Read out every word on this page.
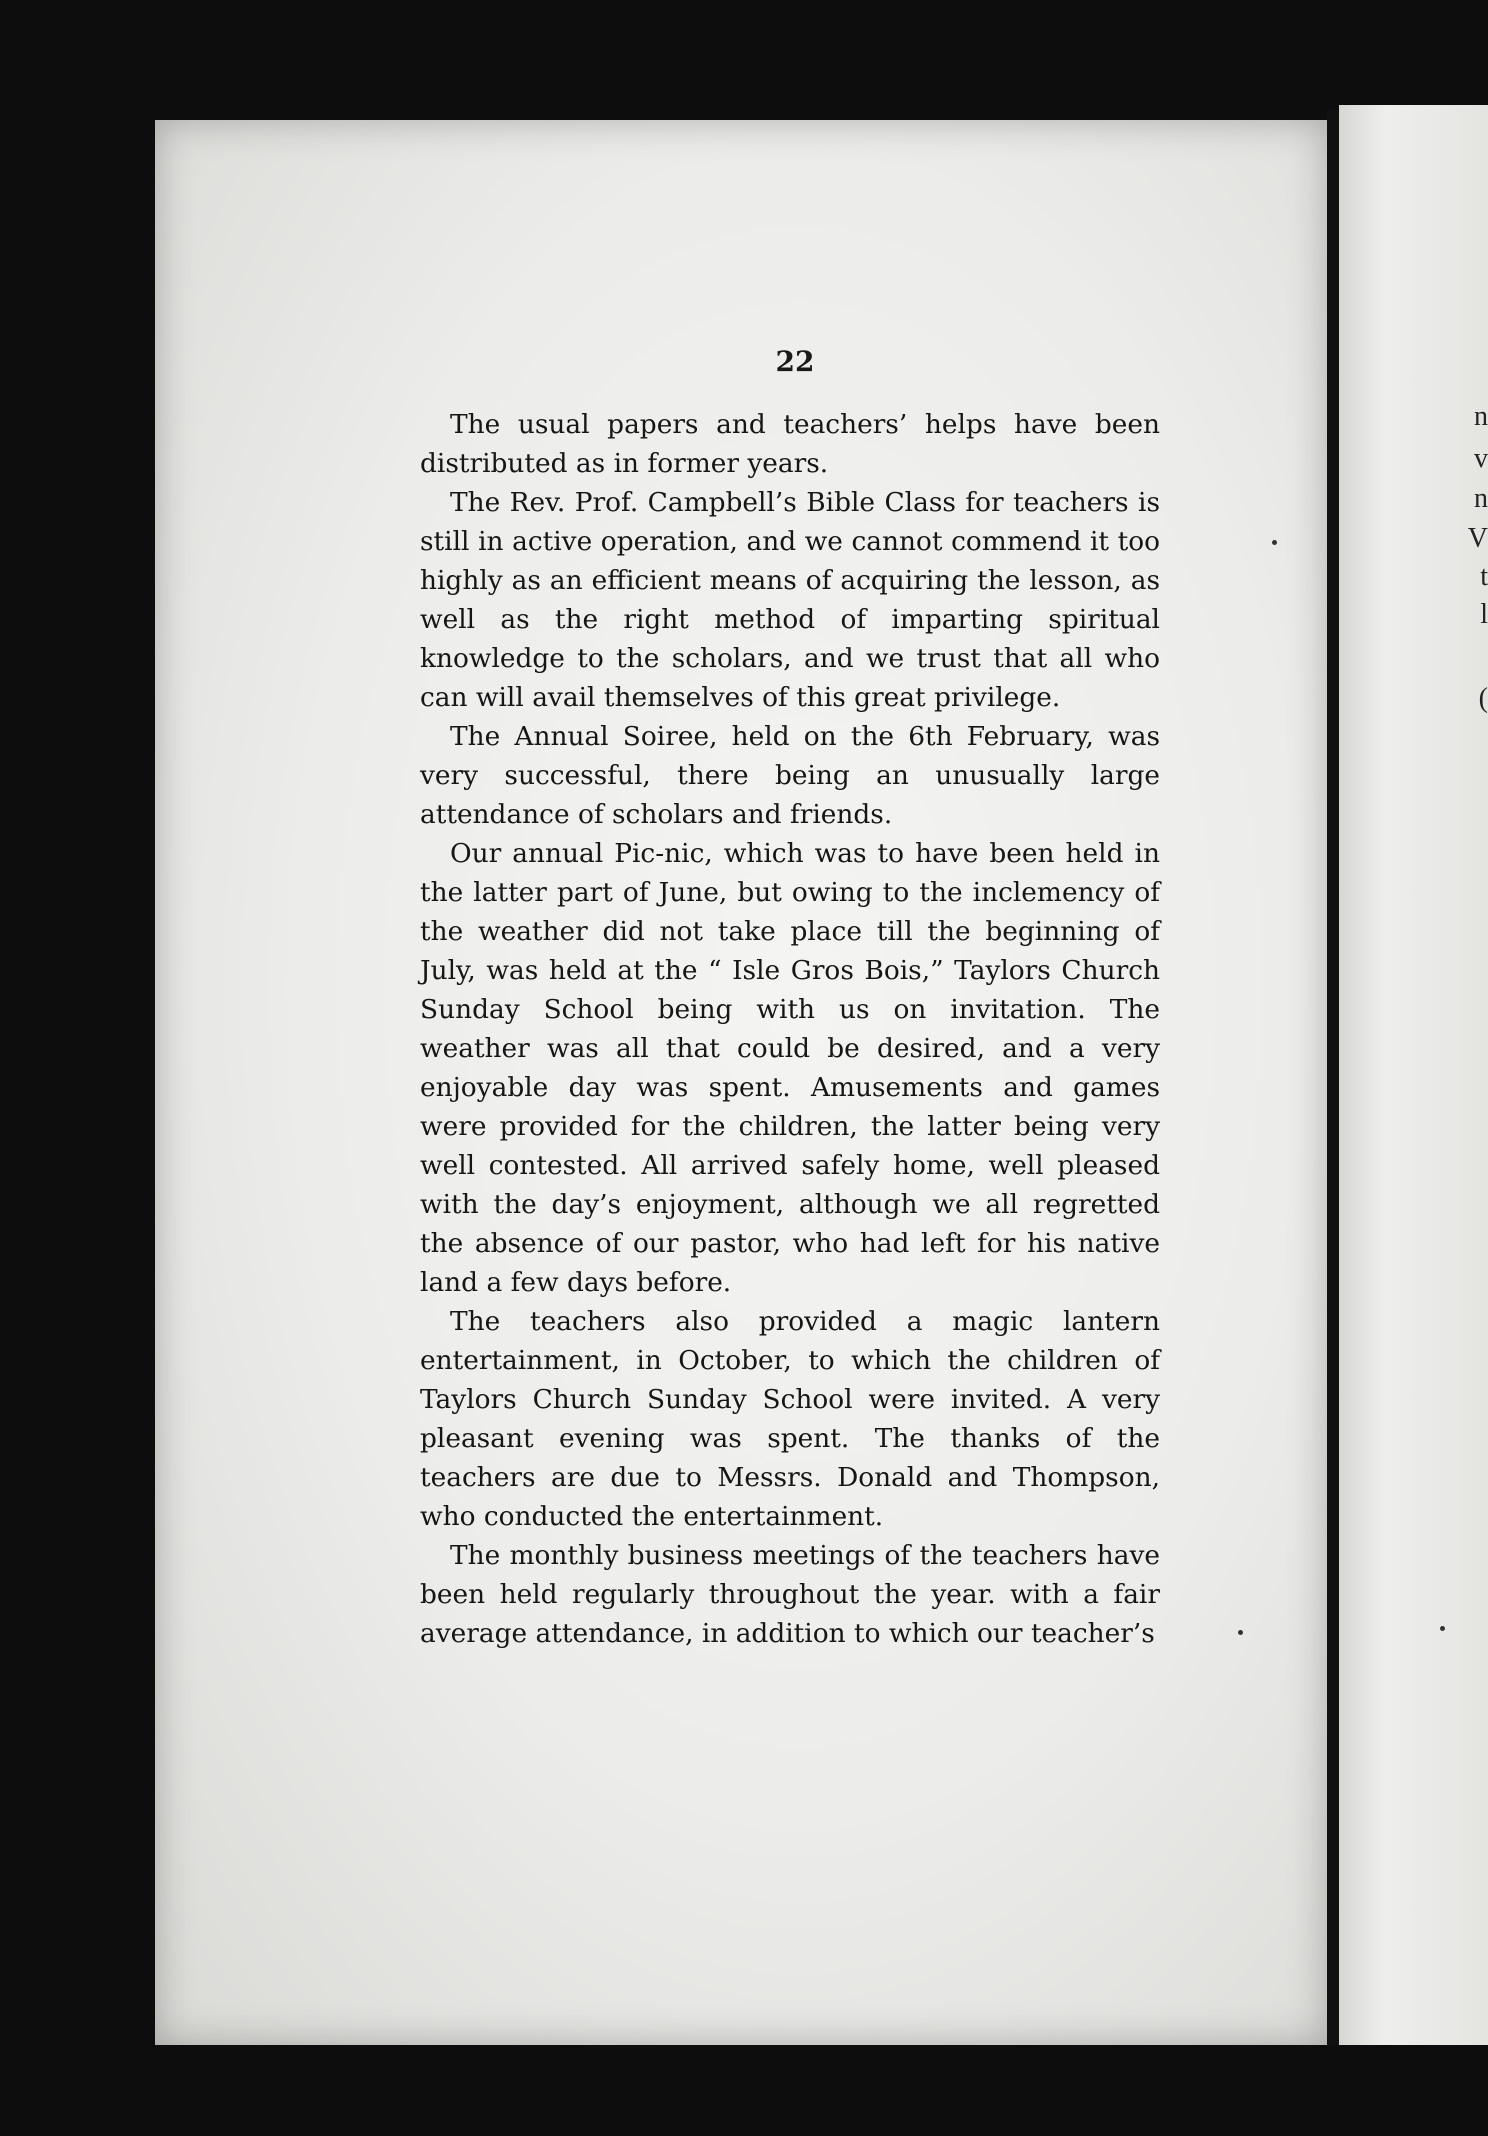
n
v
n
V
t
l
(
22

The usual papers and teachers’ helps have been distributed as in former years.

The Rev. Prof. Campbell’s Bible Class for teachers is still in active operation, and we cannot commend it too highly as an efficient means of acquiring the lesson, as well as the right method of imparting spiritual knowledge to the scholars, and we trust that all who can will avail themselves of this great privilege.

The Annual Soiree, held on the 6th February, was very successful, there being an unusually large attendance of scholars and friends.

Our annual Pic-nic, which was to have been held in the latter part of June, but owing to the inclemency of the weather did not take place till the beginning of July, was held at the “ Isle Gros Bois,” Taylors Church Sunday School being with us on invitation. The weather was all that could be desired, and a very enjoyable day was spent. Amusements and games were provided for the children, the latter being very well contested. All arrived safely home, well pleased with the day’s enjoyment, although we all regretted the absence of our pastor, who had left for his native land a few days before.

The teachers also provided a magic lantern entertainment, in October, to which the children of Taylors Church Sunday School were invited. A very pleasant evening was spent. The thanks of the teachers are due to Messrs. Donald and Thompson, who conducted the entertainment.

The monthly business meetings of the teachers have been held regularly throughout the year. with a fair average attendance, in addition to which our teacher’s
